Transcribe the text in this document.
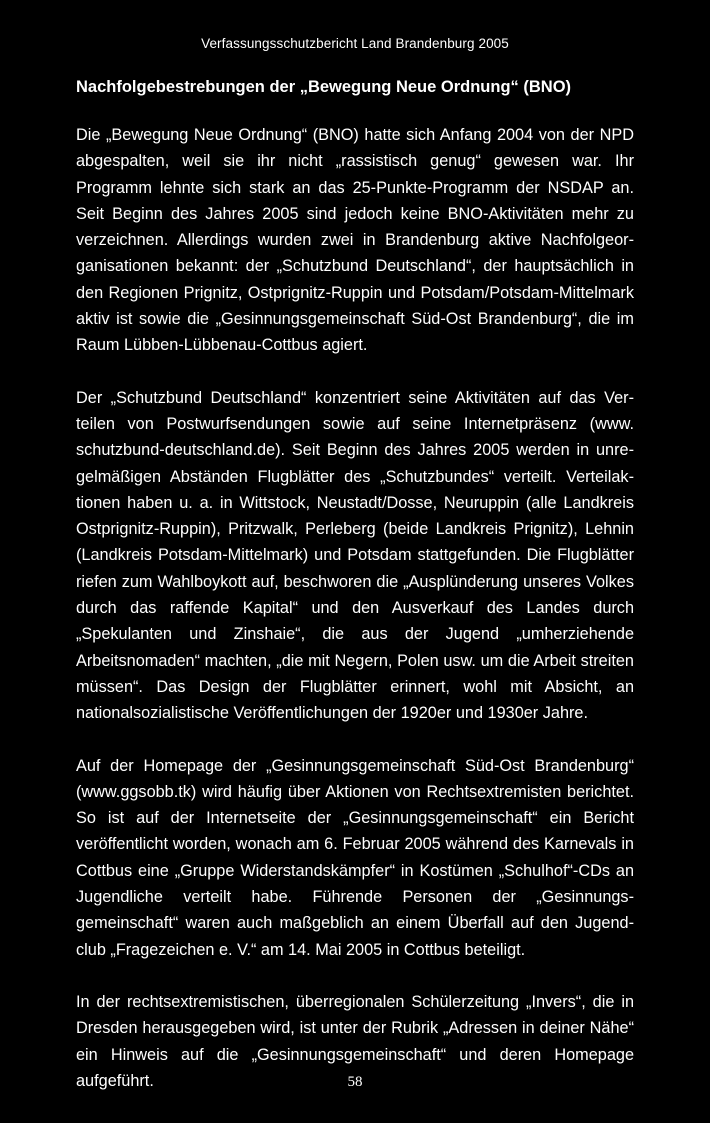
Verfassungsschutzbericht Land Brandenburg 2005
Nachfolgebestrebungen der „Bewegung Neue Ordnung“ (BNO)

Die „Bewegung Neue Ordnung“ (BNO) hatte sich Anfang 2004 von der NPD abgespalten, weil sie ihr nicht „rassistisch genug“ gewesen war. Ihr Programm lehnte sich stark an das 25-Punkte-Programm der NSDAP an. Seit Beginn des Jahres 2005 sind jedoch keine BNO-Aktivitäten mehr zu verzeichnen. Allerdings wurden zwei in Brandenburg aktive Nachfolgeorganisationen bekannt: der „Schutzbund Deutschland“, der hauptsächlich in den Regionen Prignitz, Ostprignitz-Ruppin und Potsdam/Potsdam-Mittelmark aktiv ist sowie die „Gesinnungsgemeinschaft Süd-Ost Brandenburg“, die im Raum Lübben-Lübbenau-Cottbus agiert.

Der „Schutzbund Deutschland“ konzentriert seine Aktivitäten auf das Verteilen von Postwurfsendungen sowie auf seine Internetpräsenz (www.​schutzbund-deutschland.de). Seit Beginn des Jahres 2005 werden in unregelmäßigen Abständen Flugblätter des „Schutzbundes“ verteilt. Verteilaktionen haben u. a. in Wittstock, Neustadt/Dosse, Neuruppin (alle Landkreis Ostprignitz-Ruppin), Pritzwalk, Perleberg (beide Landkreis Prignitz), Lehnin (Landkreis Potsdam-Mittelmark) und Potsdam stattgefunden. Die Flugblätter riefen zum Wahlboykott auf, beschworen die „Ausplünderung unseres Volkes durch das raffende Kapital“ und den Ausverkauf des Landes durch „Spekulanten und Zinshaie“, die aus der Jugend „umherziehende Arbeitsnomaden“ machten, „die mit Negern, Polen usw. um die Arbeit streiten müssen“. Das Design der Flugblätter erinnert, wohl mit Absicht, an nationalsozialistische Veröffentlichungen der 1920er und 1930er Jahre.

Auf der Homepage der „Gesinnungsgemeinschaft Süd-Ost Brandenburg“ (www.ggsobb.tk) wird häufig über Aktionen von Rechtsextremisten berichtet. So ist auf der Internetseite der „Gesinnungsgemeinschaft“ ein Bericht veröffentlicht worden, wonach am 6. Februar 2005 während des Karnevals in Cottbus eine „Gruppe Widerstandskämpfer“ in Kostümen „Schulhof“-CDs an Jugendliche verteilt habe. Führende Personen der „Gesinnungsgemeinschaft“ waren auch maßgeblich an einem Überfall auf den Jugendclub „Fragezeichen e. V.“ am 14. Mai 2005 in Cottbus beteiligt.

In der rechtsextremistischen, überregionalen Schülerzeitung „Invers“, die in Dresden herausgegeben wird, ist unter der Rubrik „Adressen in deiner Nähe“ ein Hinweis auf die „Gesinnungsgemeinschaft“ und deren Homepage aufgeführt.	58
